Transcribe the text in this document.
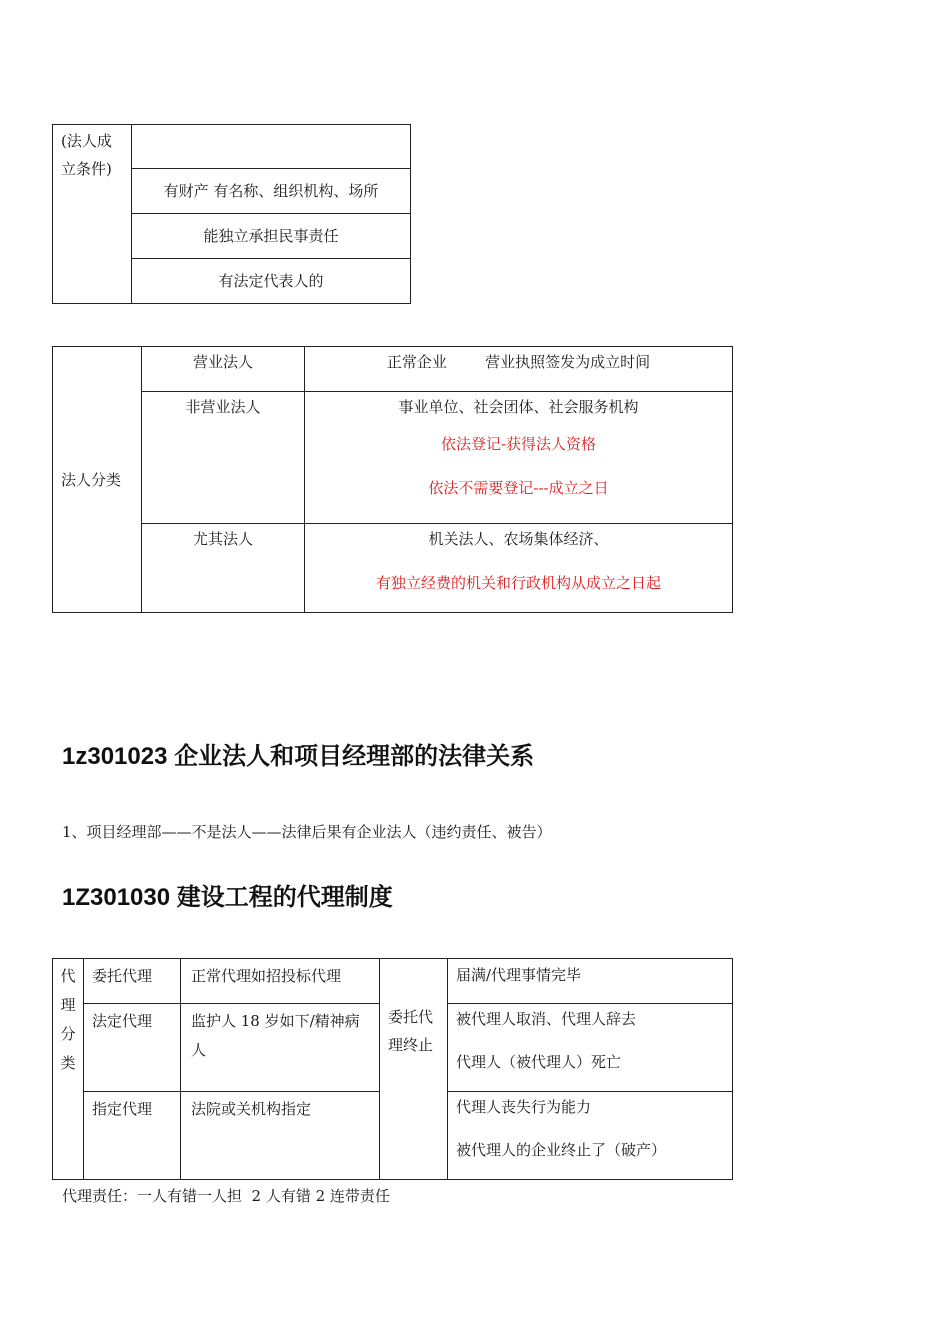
(法人成立条件)	

有财产 有名称、组织机构、场所

能独立承担民事责任

有法定代表人的

法人分类	营业法人	正常企业        营业执照签发为成立时间

	非营业法人	事业单位、社会团体、社会服务机构

依法登记-获得法人资格

依法不需要登记---成立之日

	尤其法人	机关法人、农场集体经济、

有独立经费的机关和行政机构从成立之日起

1z301023 企业法人和项目经理部的法律关系

1、项目经理部——不是法人——法律后果有企业法人（违约责任、被告）

1Z301030 建设工程的代理制度
代理分类	委托代理	正常代理如招投标代理	委托代理终止	届满/代理事情完毕
	法定代理	监护人 18 岁如下/精神病人		被代理人取消、代理人辞去

代理人（被代理人）死亡

	指定代理	法院或关机构指定		代理人丧失行为能力

被代理人的企业终止了（破产）

代理责任：一人有错一人担  2 人有错 2 连带责任
